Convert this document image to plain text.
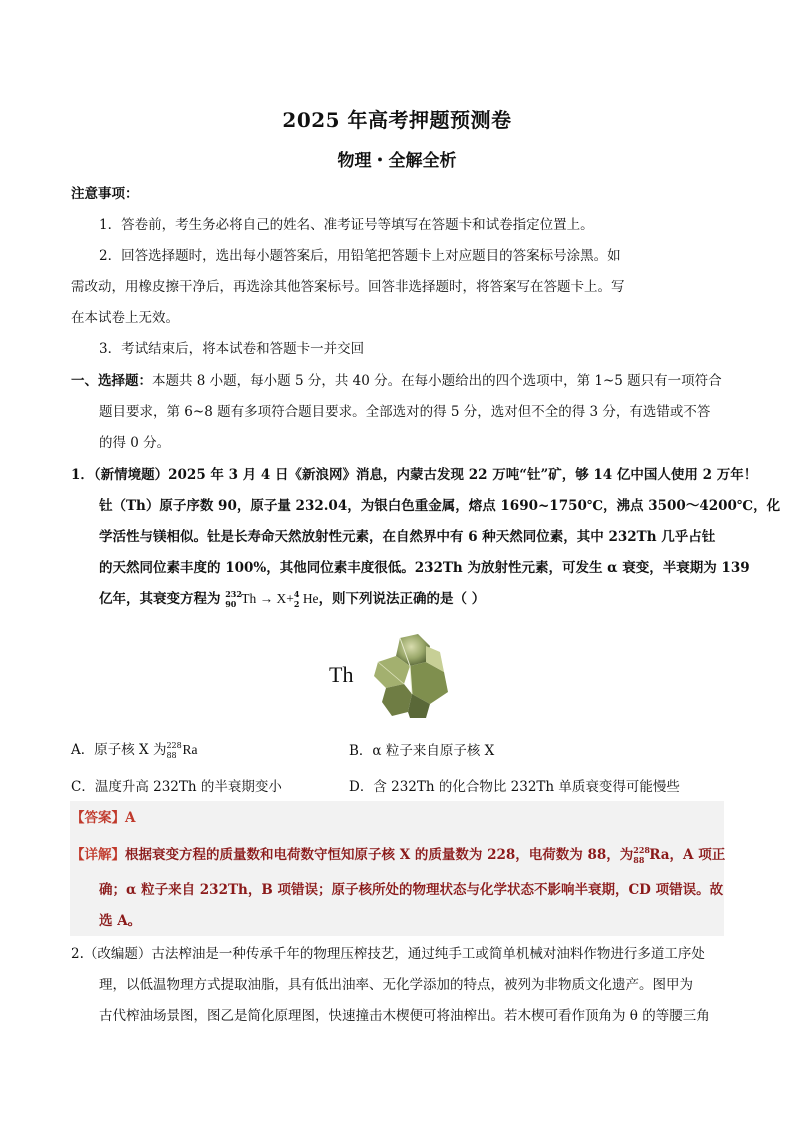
2025 年高考押题预测卷
物理・全解全析
注意事项：
1．答卷前，考生务必将自己的姓名、准考证号等填写在答题卡和试卷指定位置上。
2．回答选择题时，选出每小题答案后，用铅笔把答题卡上对应题目的答案标号涂黑。如
需改动，用橡皮擦干净后，再选涂其他答案标号。回答非选择题时，将答案写在答题卡上。写
在本试卷上无效。
3．考试结束后，将本试卷和答题卡一并交回
一、选择题：本题共 8 小题，每小题 5 分，共 40 分。在每小题给出的四个选项中，第 1~5 题只有一项符合
题目要求，第 6~8 题有多项符合题目要求。全部选对的得 5 分，选对但不全的得 3 分，有选错或不答
的得 0 分。
1．（新情境题）2025 年 3 月 4 日《新浪网》消息，内蒙古发现 22 万吨“钍”矿，够 14 亿中国人使用 2 万年！
钍（Th）原子序数 90，原子量 232.04，为银白色重金属，熔点 1690~1750℃，沸点 3500～4200℃，化
学活性与镁相似。钍是长寿命天然放射性元素，在自然界中有 6 种天然同位素，其中 232Th 几乎占钍
的天然同位素丰度的 100%，其他同位素丰度很低。232Th 为放射性元素，可发生 α 衰变，半衰期为 139
亿年，其衰变方程为 232
90 Th → X+ 4
2 He，则下列说法正确的是（ ）
Th
A．原子核 X 为 228
88 Ra	B．α 粒子来自原子核 X
C．温度升高 232Th 的半衰期变小	D．含 232Th 的化合物比 232Th 单质衰变得可能慢些
【答案】A
【详解】根据衰变方程的质量数和电荷数守恒知原子核 X 的质量数为 228，电荷数为 88，为 228
88 Ra，A 项正
确；α 粒子来自 232Th，B 项错误；原子核所处的物理状态与化学状态不影响半衰期，CD 项错误。故
选 A。
2.（改编题）古法榨油是一种传承千年的物理压榨技艺，通过纯手工或简单机械对油料作物进行多道工序处
理，以低温物理方式提取油脂，具有低出油率、无化学添加的特点，被列为非物质文化遗产。图甲为
古代榨油场景图，图乙是简化原理图，快速撞击木楔便可将油榨出。若木楔可看作顶角为 θ 的等腰三角
